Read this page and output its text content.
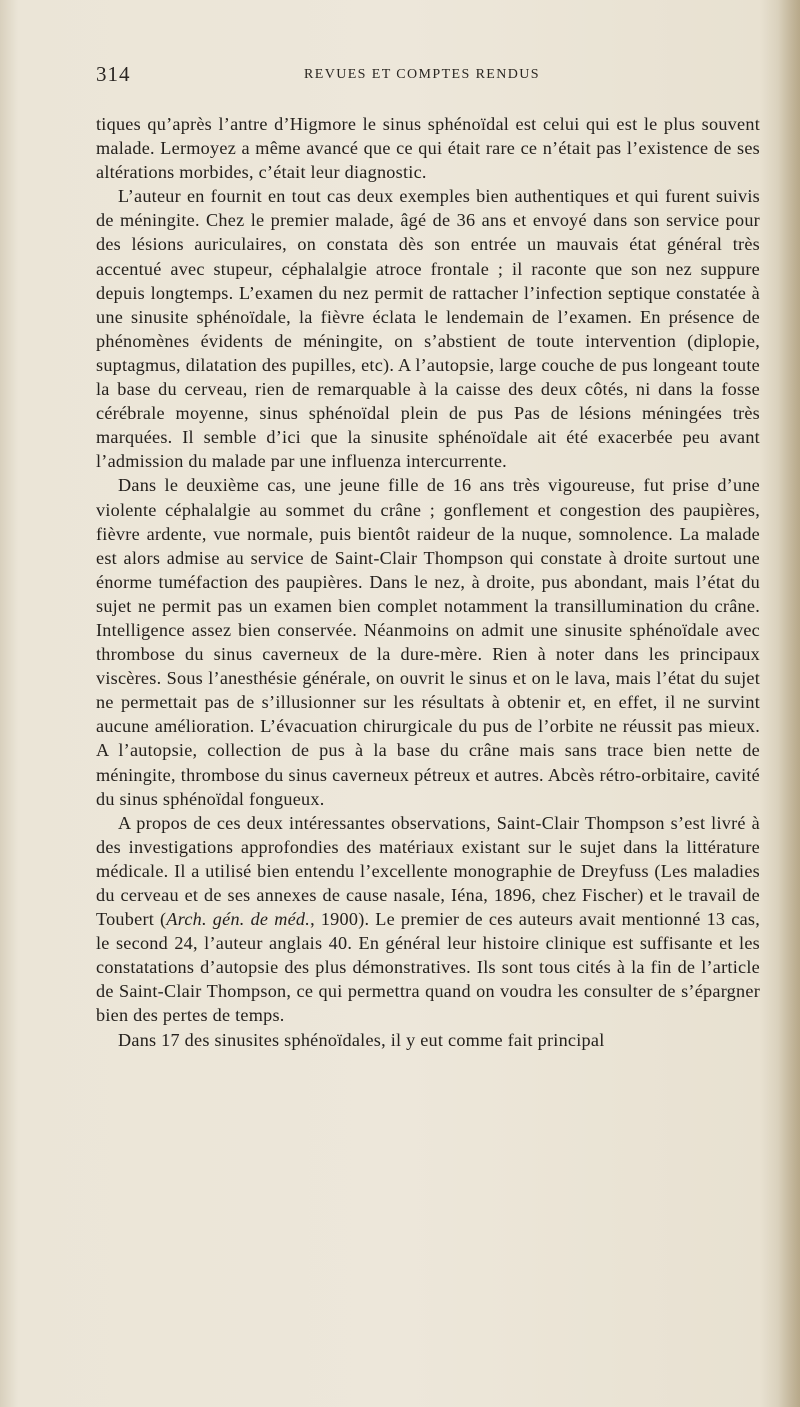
314	REVUES ET COMPTES RENDUS

tiques qu’après l’antre d’Higmore le sinus sphénoïdal est celui qui est le plus souvent malade. Lermoyez a même avancé que ce qui était rare ce n’était pas l’existence de ses altérations morbides, c’était leur diagnostic.

L’auteur en fournit en tout cas deux exemples bien authentiques et qui furent suivis de méningite. Chez le premier malade, âgé de 36 ans et envoyé dans son service pour des lésions auriculaires, on constata dès son entrée un mauvais état général très accentué avec stupeur, céphalalgie atroce frontale ; il raconte que son nez suppure depuis longtemps. L’examen du nez permit de rattacher l’infection septique constatée à une sinusite sphénoïdale, la fièvre éclata le lendemain de l’examen. En présence de phénomènes évidents de méningite, on s’abstient de toute intervention (diplopie, suptagmus, dilatation des pupilles, etc). A l’autopsie, large couche de pus longeant toute la base du cerveau, rien de remarquable à la caisse des deux côtés, ni dans la fosse cérébrale moyenne, sinus sphénoïdal plein de pus Pas de lésions méningées très marquées. Il semble d’ici que la sinusite sphénoïdale ait été exacerbée peu avant l’admission du malade par une influenza intercurrente.

Dans le deuxième cas, une jeune fille de 16 ans très vigoureuse, fut prise d’une violente céphalalgie au sommet du crâne ; gonflement et congestion des paupières, fièvre ardente, vue normale, puis bientôt raideur de la nuque, somnolence. La malade est alors admise au service de Saint-Clair Thompson qui constate à droite surtout une énorme tuméfaction des paupières. Dans le nez, à droite, pus abondant, mais l’état du sujet ne permit pas un examen bien complet notamment la transillumination du crâne. Intelligence assez bien conservée. Néanmoins on admit une sinusite sphénoïdale avec thrombose du sinus caverneux de la dure-mère. Rien à noter dans les principaux viscères. Sous l’anesthésie générale, on ouvrit le sinus et on le lava, mais l’état du sujet ne permettait pas de s’illusionner sur les résultats à obtenir et, en effet, il ne survint aucune amélioration. L’évacuation chirurgicale du pus de l’orbite ne réussit pas mieux. A l’autopsie, collection de pus à la base du crâne mais sans trace bien nette de méningite, thrombose du sinus caverneux pétreux et autres. Abcès rétro-orbitaire, cavité du sinus sphénoïdal fongueux.

A propos de ces deux intéressantes observations, Saint-Clair Thompson s’est livré à des investigations approfondies des matériaux existant sur le sujet dans la littérature médicale. Il a utilisé bien entendu l’excellente monographie de Dreyfuss (Les maladies du cerveau et de ses annexes de cause nasale, Iéna, 1896, chez Fischer) et le travail de Toubert (Arch. gén. de méd., 1900). Le premier de ces auteurs avait mentionné 13 cas, le second 24, l’auteur anglais 40. En général leur histoire clinique est suffisante et les constatations d’autopsie des plus démonstratives. Ils sont tous cités à la fin de l’article de Saint-Clair Thompson, ce qui permettra quand on voudra les consulter de s’épargner bien des pertes de temps.

Dans 17 des sinusites sphénoïdales, il y eut comme fait principal
